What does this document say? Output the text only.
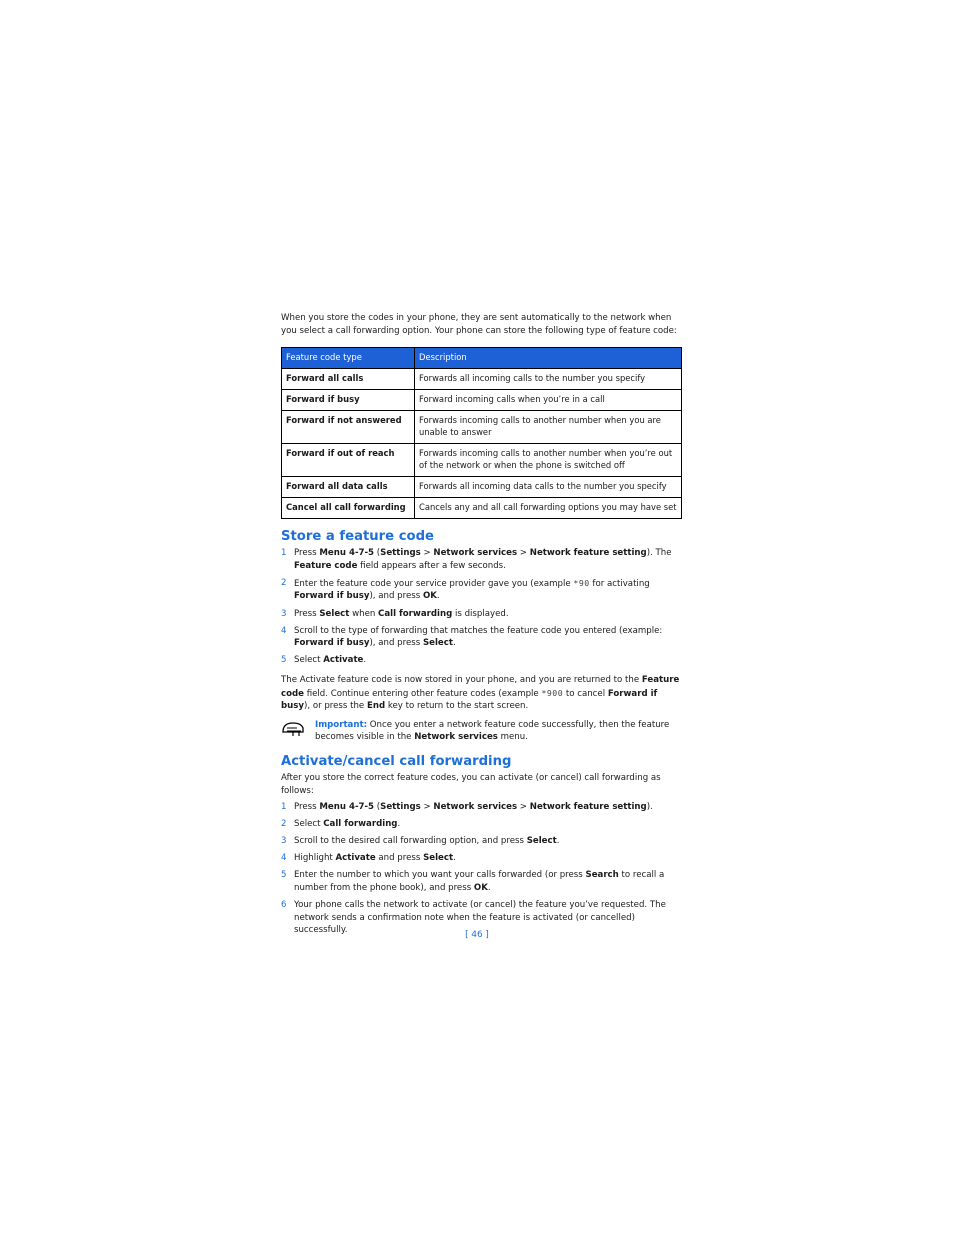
When you store the codes in your phone, they are sent automatically to the network when you select a call forwarding option. Your phone can store the following type of feature code:

Feature code type	Description
Forward all calls	Forwards all incoming calls to the number you specify
Forward if busy	Forward incoming calls when you’re in a call
Forward if not answered	Forwards incoming calls to another number when you are unable to answer
Forward if out of reach	Forwards incoming calls to another number when you’re out of the network or when the phone is switched off
Forward all data calls	Forwards all incoming data calls to the number you specify
Cancel all call forwarding	Cancels any and all call forwarding options you may have set
Store a feature code
1 Press Menu 4-7-5 (Settings > Network services > Network feature setting). The Feature code field appears after a few seconds.
2 Enter the feature code your service provider gave you (example *90 for activating Forward if busy), and press OK.
3 Press Select when Call forwarding is displayed.
4 Scroll to the type of forwarding that matches the feature code you entered (example: Forward if busy), and press Select.
5 Select Activate.

The Activate feature code is now stored in your phone, and you are returned to the Feature code field. Continue entering other feature codes (example *900 to cancel Forward if busy), or press the End key to return to the start screen.

Important: Once you enter a network feature code successfully, then the feature becomes visible in the Network services menu.
Activate/cancel call forwarding

After you store the correct feature codes, you can activate (or cancel) call forwarding as follows:

1 Press Menu 4-7-5 (Settings > Network services > Network feature setting).
2 Select Call forwarding.
3 Scroll to the desired call forwarding option, and press Select.
4 Highlight Activate and press Select.
5 Enter the number to which you want your calls forwarded (or press Search to recall a number from the phone book), and press OK.
6 Your phone calls the network to activate (or cancel) the feature you’ve requested. The network sends a confirmation note when the feature is activated (or cancelled) successfully.	[ 46 ]
